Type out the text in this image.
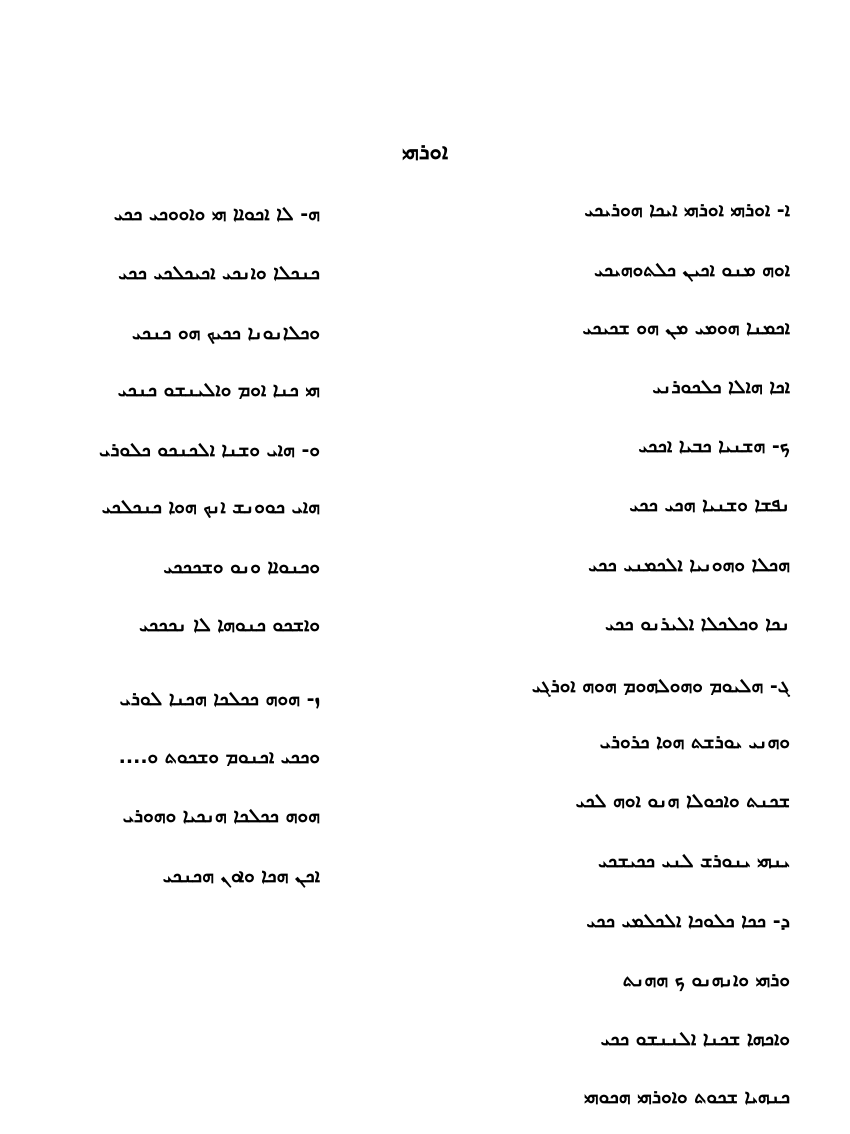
ܐܘܪܗܝ
ܐ- ܐܘܪܗܝ ܐܘܪܗܝ ܐܝܟܐ ܗܘܪܝܟܝ
ܐܘܗ ܡܢܘ ܐܟܝܢ ܟܠܬܘܗܝܟܝ
ܐܟܡܢܐ ܗܘܡܝ ܡܢ ܗܘ ܫܟܝܟܝ
ܐܟܐ ܗܐܠܐ ܟܠܟܘܪܢܝ
ܟ- ܗܫܢܝܐ ܟܒܝܐ ܐܟܟܝ
ܢܦܫܐ ܘܫܢܝܐ ܗܟܝ ܟܟܝ
ܗܟܠܐ ܘܗܘܢܝܐ ܐܠܟܡܢܝ ܟܟܝ
ܢܟܐ ܘܟܠܟܠܐ ܐܠܝܪܢܘ ܟܟܝ
ܓ- ܗܠܝܘܡ ܘܗܘܠܗܘܡ ܗܘܗ ܐܘܪܓܝ
ܘܗܢܝ ܝܘܪܫܬ ܗܘܐ ܟܪܘܪܝ
ܫܟܢܬ ܘܐܟܘܠܐ ܗܢܘ ܐܘܗ ܠܟܝ
ܝܢܗܝ ܝܢܘܪܫ ܠܢܝ ܟܟܝܫܟܝ
ܕ- ܟܟܐ ܟܠܘܟܐ ܐܠܟܠܡܝ ܟܟܝ
ܘܪܗܝ ܘܐܢܗܢܘ ܟ ܗܗܢܬ
ܘܐܟܗܐ ܫܟܢܐ ܐܠܢܢܫܘ ܟܟܝ
ܟܢܗܝܐ ܫܟܘܬ ܘܐܘܪܗܝ ܗܟܘܗܝ
ܗ- ܠܐ ܐܟܘܐܐ ܗܝ ܘܐܘܘܟܝ ܟܟܝ
ܟܢܟܠܐ ܘܐܢܟܝ ܐܟܝܟܠܟܝ ܟܟܝ
ܘܟܠܐܢܘܢܐ ܟܟܝܟ ܗܘ ܟܢܟܝ
ܗܝ ܟܢܐ ܐܘܡ ܘܐܠܝܢܫܘ ܟܢܟܝ
ܘ- ܗܐܝ ܘܫܢܐ ܐܠܟܢܟܘ ܟܠܘܪܝ
ܗܐܝ ܟܘܘܢܫ ܐܢܟ ܗܘܐ ܟܢܟܠܟܝ
ܘܟܢܘܐܐ ܘܢܘ ܘܫܟܟܟܝ
ܘܐܫܟܘ ܟܢܘܗܐ ܠܐ ܢܟܟܟܝ
ܙ- ܗܘܗ ܟܟܠܟܐ ܗܟܢܐ ܠܘܪܝ
ܘܟܟܝ ܐܟܢܘܡ ܘܫܟܘܬ ܘ....
ܗܘܗ ܟܟܠܟܐ ܗܢܟܝܐ ܘܗܘܪܝ
ܐܟܢ ܗܟܐ ܘܐܘܢ ܗܟܢܟܝ
